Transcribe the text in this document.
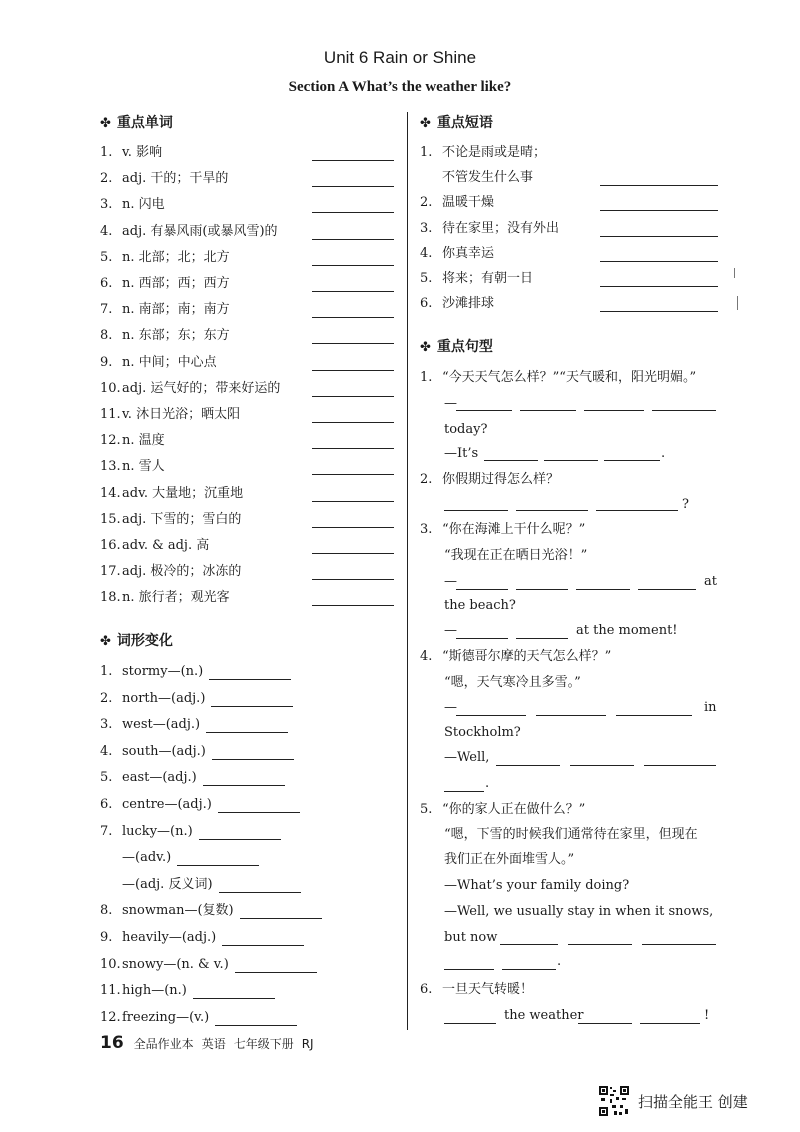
Unit 6 Rain or Shine
Section A What’s the weather like?
✤ 重点单词
1. v. 影响
2. adj. 干的；干旱的
3. n. 闪电
4. adj. 有暴风雨(或暴风雪)的
5. n. 北部；北；北方
6. n. 西部；西；西方
7. n. 南部；南；南方
8. n. 东部；东；东方
9. n. 中间；中心点
10.adj. 运气好的；带来好运的
11.v. 沐日光浴；晒太阳
12.n. 温度
13.n. 雪人
14.adv. 大量地；沉重地
15.adj. 下雪的；雪白的
16.adv. & adj. 高
17.adj. 极冷的；冰冻的
18.n. 旅行者；观光客
✤ 词形变化
1. stormy—(n.)
2. north—(adj.)
3. west—(adj.)
4. south—(adj.)
5. east—(adj.)
6. centre—(adj.)
7. lucky—(n.)
—(adv.)
—(adj. 反义词)
8. snowman—(复数)
9. heavily—(adj.)
10.snowy—(n. & v.)
11.high—(n.)
12.freezing—(v.)
✤ 重点短语
1. 不论是雨或是晴；
不管发生什么事
2. 温暖干燥
3. 待在家里；没有外出
4. 你真幸运
5. 将来；有朝一日
6. 沙滩排球
✤ 重点句型
1. “今天天气怎么样？”“天气暖和，阳光明媚。”
—
today?
—It’s	.
2. 你假期过得怎么样？
?
3. “你在海滩上干什么呢？”
“我现在正在晒日光浴！”
—	at
the beach?
—	at the moment!
4. “斯德哥尔摩的天气怎么样？”
“嗯，天气寒冷且多雪。”
—	in
Stockholm?
—Well,
.
5. “你的家人正在做什么？”
“嗯，下雪的时候我们通常待在家里，但现在
我们正在外面堆雪人。”
—What’s your family doing?
—Well, we usually stay in when it snows,
but now
.
6. 一旦天气转暖！
the weather	!
16 全品作业本 英语 七年级下册 RJ
扫描全能王 创建
